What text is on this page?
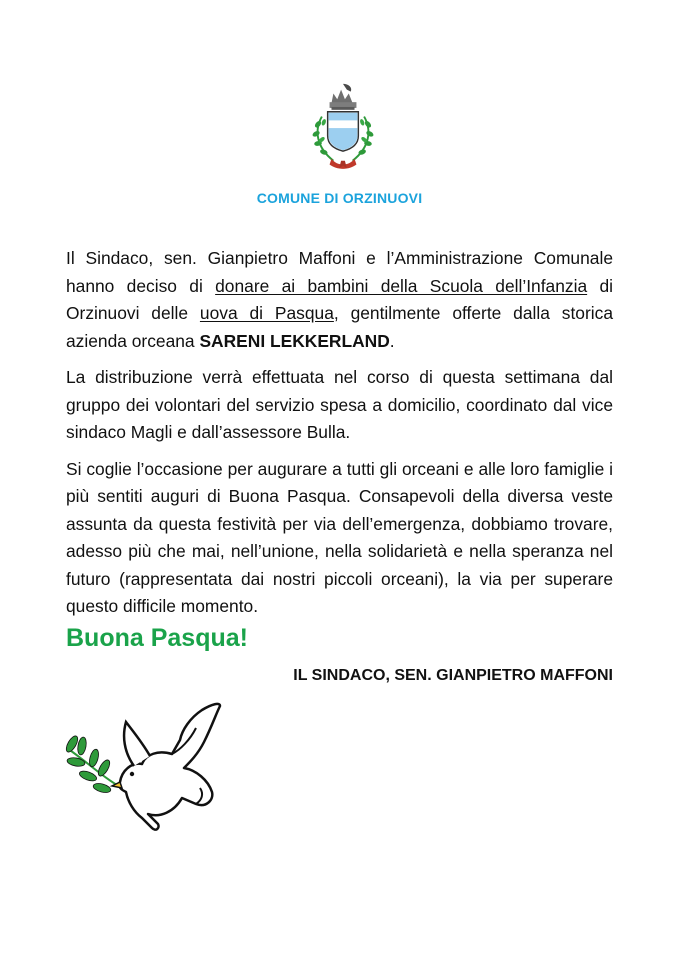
COMUNE DI ORZINUOVI

Il Sindaco, sen. Gianpietro Maffoni e l’Amministrazione Comunale hanno deciso di donare ai bambini della Scuola dell’Infanzia di Orzinuovi delle uova di Pasqua, gentilmente offerte dalla storica azienda orceana SARENI LEKKERLAND.

La distribuzione verrà effettuata nel corso di questa settimana dal gruppo dei volontari del servizio spesa a domicilio, coordinato dal vice sindaco Magli e dall’assessore Bulla.

Si coglie l’occasione per augurare a tutti gli orceani e alle loro famiglie i più sentiti auguri di Buona Pasqua. Consapevoli della diversa veste assunta da questa festività per via dell’emergenza, dobbiamo trovare, adesso più che mai, nell’unione, nella solidarietà e nella speranza nel futuro (rappresentata dai nostri piccoli orceani), la via per superare questo difficile momento.

Buona Pasqua!
IL SINDACO, SEN. GIANPIETRO MAFFONI
